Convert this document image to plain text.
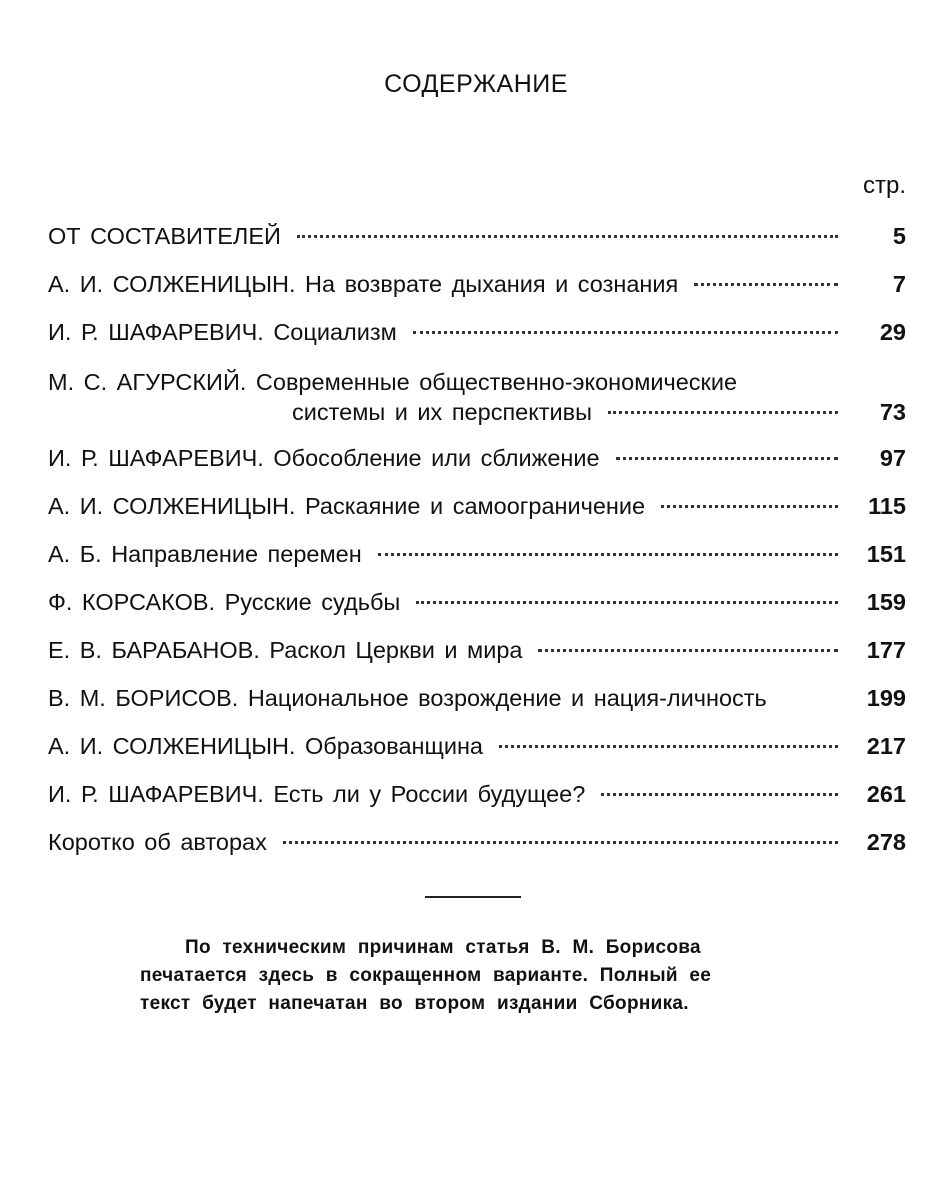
СОДЕРЖАНИЕ
стр.
ОТ СОСТАВИТЕЛЕЙ	5
А. И. СОЛЖЕНИЦЫН. На возврате дыхания и сознания	7
И. Р. ШАФАРЕВИЧ. Социализм	29
М. С. АГУРСКИЙ. Современные общественно-экономические
системы и их перспективы	73
И. Р. ШАФАРЕВИЧ. Обособление или сближение	97
А. И. СОЛЖЕНИЦЫН. Раскаяние и самоограничение	115
А. Б. Направление перемен	151
Ф. КОРСАКОВ. Русские судьбы	159
Е. В. БАРАБАНОВ. Раскол Церкви и мира	177
В. М. БОРИСОВ. Национальное возрождение и нация-личность	199
А. И. СОЛЖЕНИЦЫН. Образованщина	217
И. Р. ШАФАРЕВИЧ. Есть ли у России будущее?	261
Коротко об авторах	278
По техническим причинам статья В. М. Борисова
печатается здесь в сокращенном варианте. Полный ее
текст будет напечатан во втором издании Сборника.
